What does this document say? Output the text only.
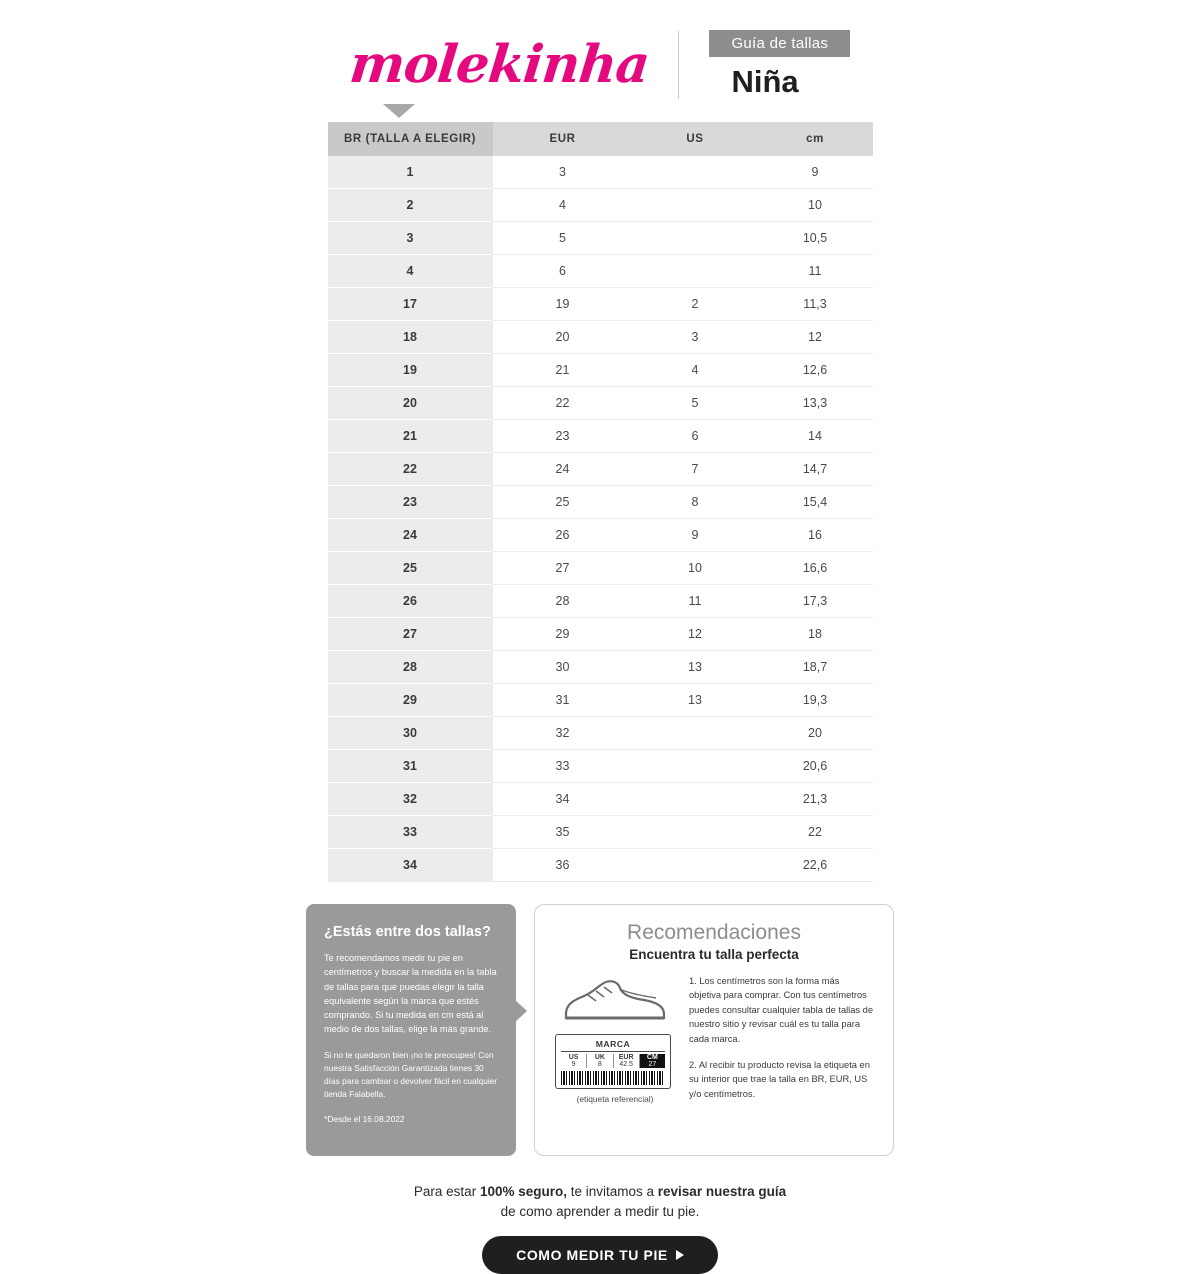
molekinha	Guía de tallas
Niña
BR (TALLA A ELEGIR)	EUR	US	cm
1	3		9
2	4		10
3	5		10,5
4	6		11
17	19	2	11,3
18	20	3	12
19	21	4	12,6
20	22	5	13,3
21	23	6	14
22	24	7	14,7
23	25	8	15,4
24	26	9	16
25	27	10	16,6
26	28	11	17,3
27	29	12	18
28	30	13	18,7
29	31	13	19,3
30	32		20
31	33		20,6
32	34		21,3
33	35		22
34	36		22,6
¿Estás entre dos tallas?

Te recomendamos medir tu pie en centímetros y buscar la medida en la tabla de tallas para que puedas elegir la talla equivalente según la marca que estés comprando. Si tu medida en cm está al medio de dos tallas, elige la más grande.

Si no te quedaron bien ¡no te preocupes! Con nuestra Satisfacción Garantizada tienes 30 días para cambiar o devolver fácil en cualquier tienda Falabella.

*Desde el 16.08.2022

Recomendaciones
Encuentra tu talla perfecta
MARCA
US
9
UK
8
EUR
42.5
CM
27
(etiqueta referencial)

1. Los centímetros son la forma más objetiva para comprar. Con tus centímetros puedes consultar cualquier tabla de tallas de nuestro sitio y revisar cuál es tu talla para cada marca.

2. Al recibir tu producto revisa la etiqueta en su interior que trae la talla en BR, EUR, US y/o centímetros.

Para estar 100% seguro, te invitamos a revisar nuestra guía

de como aprender a medir tu pie.

COMO MEDIR TU PIE
